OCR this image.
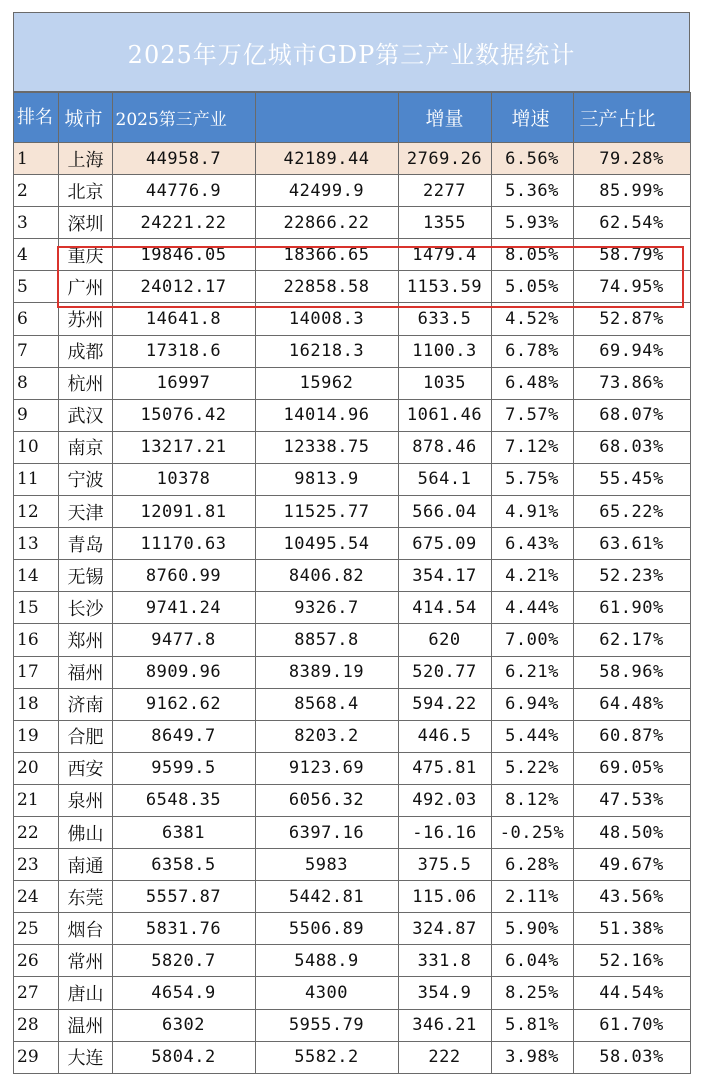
2025年万亿城市GDP第三产业数据统计
排名	城市	2025第三产业		增量	增速	三产占比
1	上海	44958.7	42189.44	2769.26	6.56%	79.28%
2	北京	44776.9	42499.9	2277	5.36%	85.99%
3	深圳	24221.22	22866.22	1355	5.93%	62.54%
4	重庆	19846.05	18366.65	1479.4	8.05%	58.79%
5	广州	24012.17	22858.58	1153.59	5.05%	74.95%
6	苏州	14641.8	14008.3	633.5	4.52%	52.87%
7	成都	17318.6	16218.3	1100.3	6.78%	69.94%
8	杭州	16997	15962	1035	6.48%	73.86%
9	武汉	15076.42	14014.96	1061.46	7.57%	68.07%
10	南京	13217.21	12338.75	878.46	7.12%	68.03%
11	宁波	10378	9813.9	564.1	5.75%	55.45%
12	天津	12091.81	11525.77	566.04	4.91%	65.22%
13	青岛	11170.63	10495.54	675.09	6.43%	63.61%
14	无锡	8760.99	8406.82	354.17	4.21%	52.23%
15	长沙	9741.24	9326.7	414.54	4.44%	61.90%
16	郑州	9477.8	8857.8	620	7.00%	62.17%
17	福州	8909.96	8389.19	520.77	6.21%	58.96%
18	济南	9162.62	8568.4	594.22	6.94%	64.48%
19	合肥	8649.7	8203.2	446.5	5.44%	60.87%
20	西安	9599.5	9123.69	475.81	5.22%	69.05%
21	泉州	6548.35	6056.32	492.03	8.12%	47.53%
22	佛山	6381	6397.16	-16.16	-0.25%	48.50%
23	南通	6358.5	5983	375.5	6.28%	49.67%
24	东莞	5557.87	5442.81	115.06	2.11%	43.56%
25	烟台	5831.76	5506.89	324.87	5.90%	51.38%
26	常州	5820.7	5488.9	331.8	6.04%	52.16%
27	唐山	4654.9	4300	354.9	8.25%	44.54%
28	温州	6302	5955.79	346.21	5.81%	61.70%
29	大连	5804.2	5582.2	222	3.98%	58.03%
